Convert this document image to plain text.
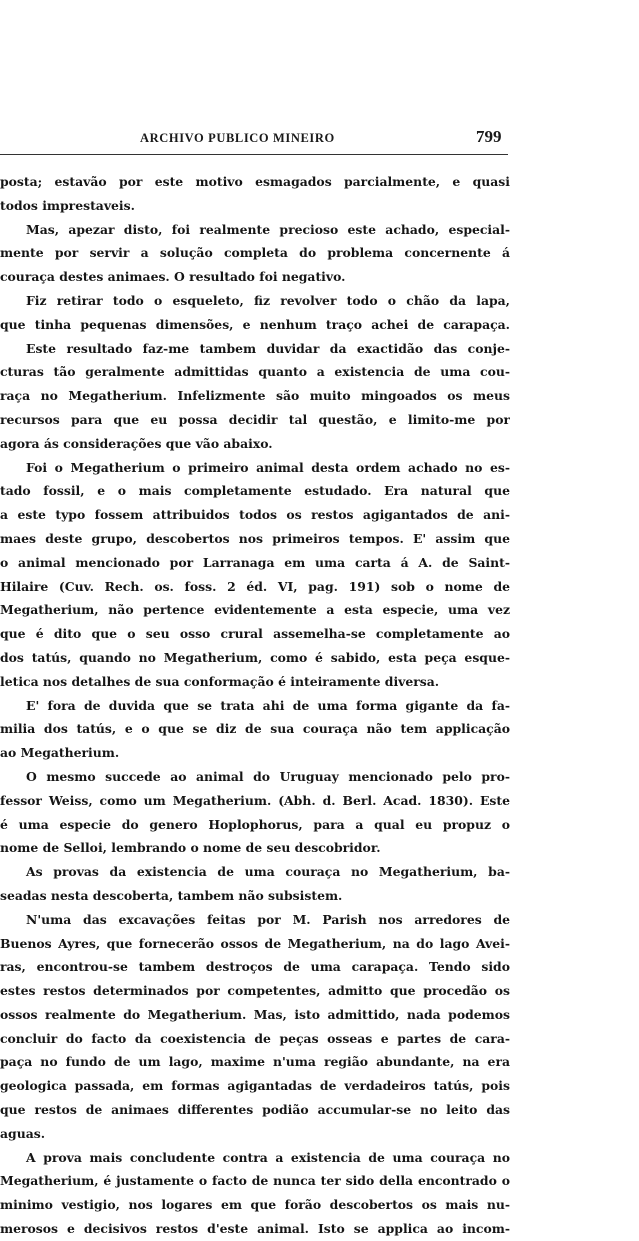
ARCHIVO PUBLICO MINEIRO	799
posta; estavão por este motivo esmagados parcialmente, e quasi
todos imprestaveis.
Mas, apezar disto, foi realmente precioso este achado, especial-
mente por servir a solução completa do problema concernente á
couraça destes animaes. O resultado foi negativo.
Fiz retirar todo o esqueleto, fiz revolver todo o chão da lapa,
que tinha pequenas dimensões, e nenhum traço achei de carapaça.
Este resultado faz-me tambem duvidar da exactidão das conje-
cturas tão geralmente admittidas quanto a existencia de uma cou-
raça no Megatherium. Infelizmente são muito mingoados os meus
recursos para que eu possa decidir tal questão, e limito-me por
agora ás considerações que vão abaixo.
Foi o Megatherium o primeiro animal desta ordem achado no es-
tado fossil, e o mais completamente estudado. Era natural que
a este typo fossem attribuidos todos os restos agigantados de ani-
maes deste grupo, descobertos nos primeiros tempos. E' assim que
o animal mencionado por Larranaga em uma carta á A. de Saint-
Hilaire (Cuv. Rech. os. foss. 2 éd. VI, pag. 191) sob o nome de
Megatherium, não pertence evidentemente a esta especie, uma vez
que é dito que o seu osso crural assemelha-se completamente ao
dos tatús, quando no Megatherium, como é sabido, esta peça esque-
letica nos detalhes de sua conformação é inteiramente diversa.
E' fora de duvida que se trata ahi de uma forma gigante da fa-
milia dos tatús, e o que se diz de sua couraça não tem applicação
ao Megatherium.
O mesmo succede ao animal do Uruguay mencionado pelo pro-
fessor Weiss, como um Megatherium. (Abh. d. Berl. Acad. 1830). Este
é uma especie do genero Hoplophorus, para a qual eu propuz o
nome de Selloi, lembrando o nome de seu descobridor.
As provas da existencia de uma couraça no Megatherium, ba-
seadas nesta descoberta, tambem não subsistem.
N'uma das excavações feitas por M. Parish nos arredores de
Buenos Ayres, que fornecerão ossos de Megatherium, na do lago Avei-
ras, encontrou-se tambem destroços de uma carapaça. Tendo sido
estes restos determinados por competentes, admitto que procedão os
ossos realmente do Megatherium. Mas, isto admittido, nada podemos
concluir do facto da coexistencia de peças osseas e partes de cara-
paça no fundo de um lago, maxime n'uma região abundante, na era
geologica passada, em formas agigantadas de verdadeiros tatús, pois
que restos de animaes differentes podião accumular-se no leito das
aguas.
A prova mais concludente contra a existencia de uma couraça no
Megatherium, é justamente o facto de nunca ter sido della encontrado o
minimo vestigio, nos logares em que forão descobertos os mais nu-
merosos e decisivos restos d'este animal. Isto se applica ao incom-
